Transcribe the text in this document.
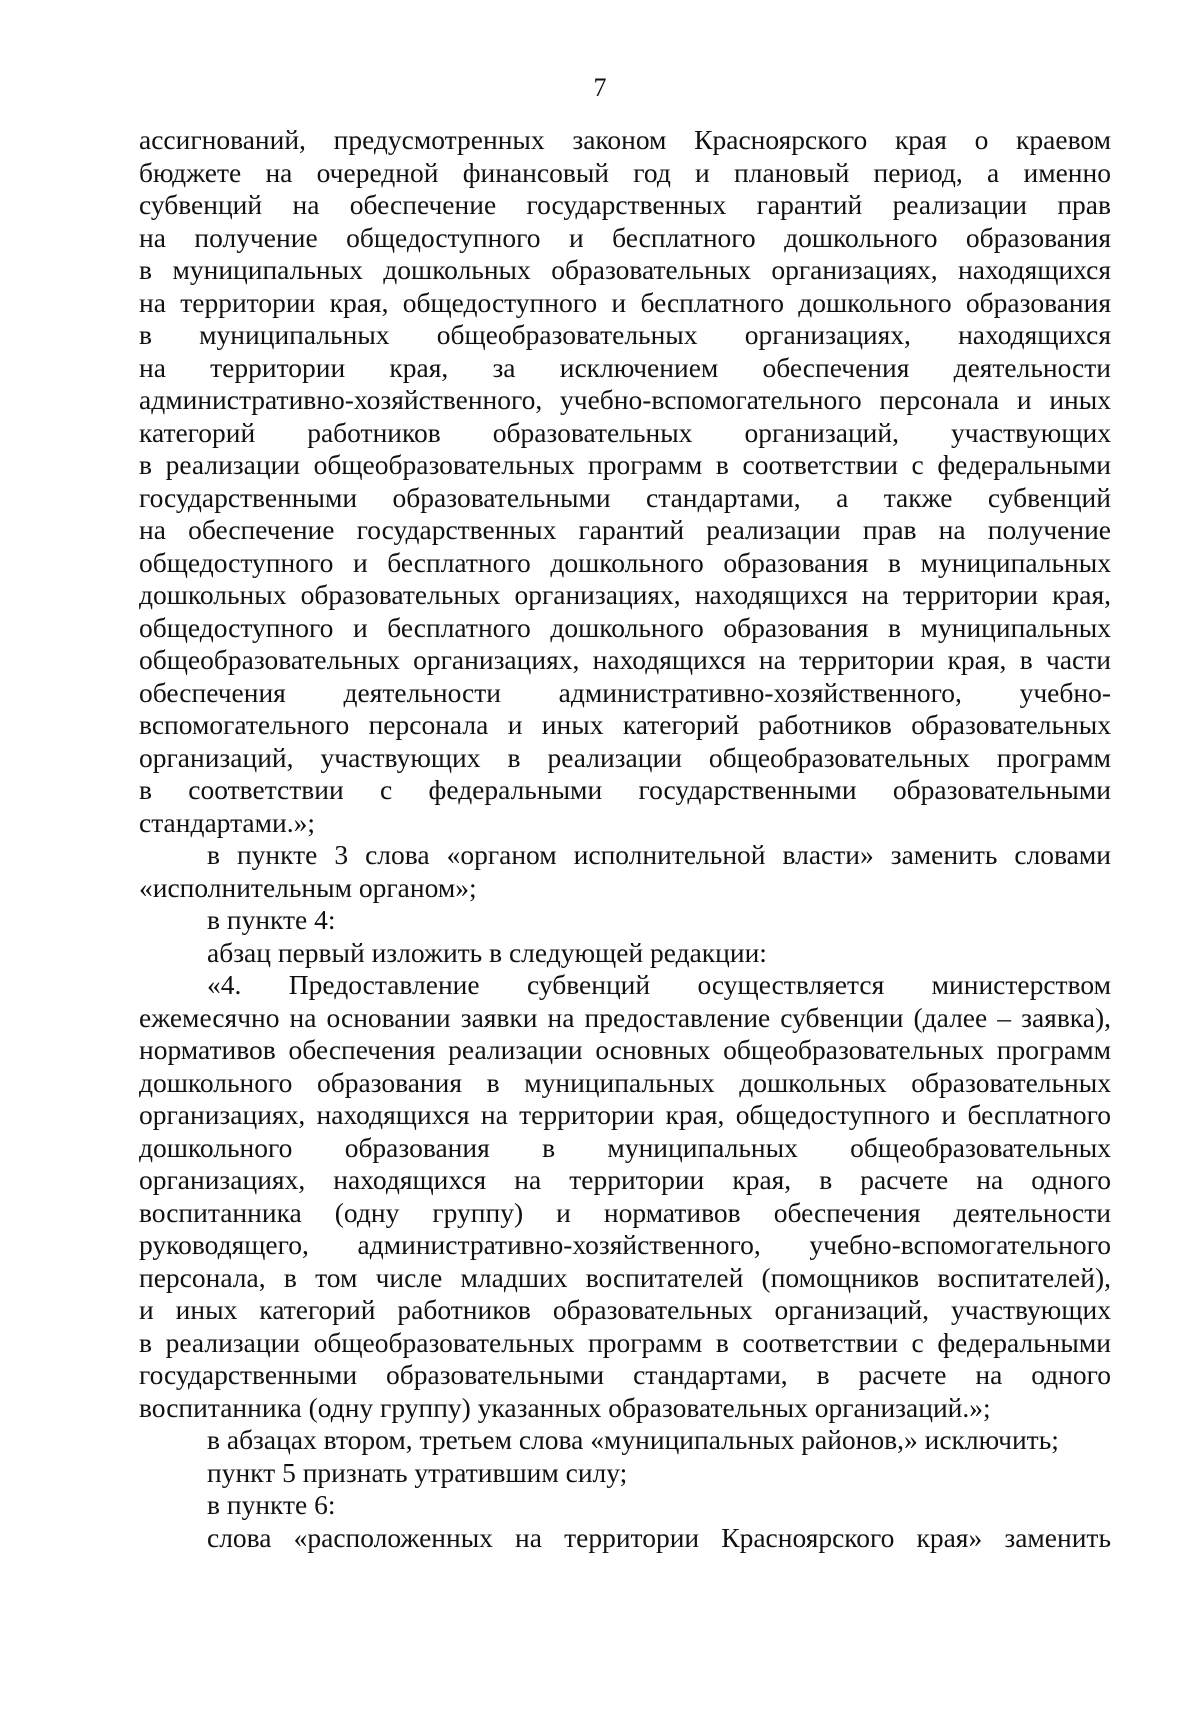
7
ассигнований, предусмотренных законом Красноярского края о краевом
бюджете на очередной финансовый год и плановый период, а именно
субвенций на обеспечение государственных гарантий реализации прав
на получение общедоступного и бесплатного дошкольного образования
в муниципальных дошкольных образовательных организациях, находящихся
на территории края, общедоступного и бесплатного дошкольного образования
в муниципальных общеобразовательных организациях, находящихся
на территории края, за исключением обеспечения деятельности
административно-хозяйственного, учебно-вспомогательного персонала и иных
категорий работников образовательных организаций, участвующих
в реализации общеобразовательных программ в соответствии с федеральными
государственными образовательными стандартами, а также субвенций
на обеспечение государственных гарантий реализации прав на получение
общедоступного и бесплатного дошкольного образования в муниципальных
дошкольных образовательных организациях, находящихся на территории края,
общедоступного и бесплатного дошкольного образования в муниципальных
общеобразовательных организациях, находящихся на территории края, в части
обеспечения деятельности административно-хозяйственного, учебно-
вспомогательного персонала и иных категорий работников образовательных
организаций, участвующих в реализации общеобразовательных программ
в соответствии с федеральными государственными образовательными
стандартами.»;
в пункте 3 слова «органом исполнительной власти» заменить словами
«исполнительным органом»;
в пункте 4:
абзац первый изложить в следующей редакции:
«4. Предоставление субвенций осуществляется министерством
ежемесячно на основании заявки на предоставление субвенции (далее – заявка),
нормативов обеспечения реализации основных общеобразовательных программ
дошкольного образования в муниципальных дошкольных образовательных
организациях, находящихся на территории края, общедоступного и бесплатного
дошкольного образования в муниципальных общеобразовательных
организациях, находящихся на территории края, в расчете на одного
воспитанника (одну группу) и нормативов обеспечения деятельности
руководящего, административно-хозяйственного, учебно-вспомогательного
персонала, в том числе младших воспитателей (помощников воспитателей),
и иных категорий работников образовательных организаций, участвующих
в реализации общеобразовательных программ в соответствии с федеральными
государственными образовательными стандартами, в расчете на одного
воспитанника (одну группу) указанных образовательных организаций.»;
в абзацах втором, третьем слова «муниципальных районов,» исключить;
пункт 5 признать утратившим силу;
в пункте 6:
слова «расположенных на территории Красноярского края» заменить
